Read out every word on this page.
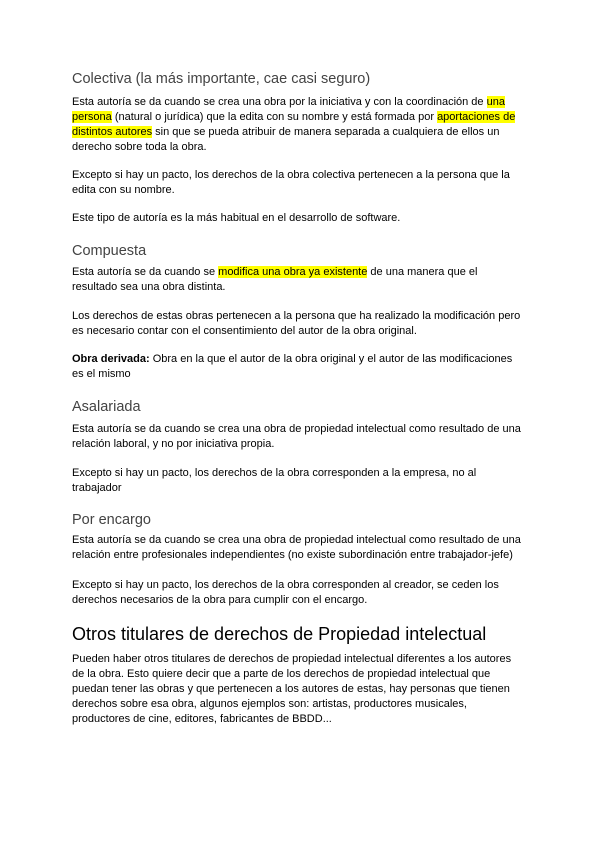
Colectiva (la más importante, cae casi seguro)

Esta autoría se da cuando se crea una obra por la iniciativa y con la coordinación de una
persona (natural o jurídica) que la edita con su nombre y está formada por aportaciones de
distintos autores sin que se pueda atribuir de manera separada a cualquiera de ellos un
derecho sobre toda la obra.

Excepto si hay un pacto, los derechos de la obra colectiva pertenecen a la persona que la
edita con su nombre.

Este tipo de autoría es la más habitual en el desarrollo de software.

Compuesta

Esta autoría se da cuando se modifica una obra ya existente de una manera que el
resultado sea una obra distinta.

Los derechos de estas obras pertenecen a la persona que ha realizado la modificación pero
es necesario contar con el consentimiento del autor de la obra original.

Obra derivada: Obra en la que el autor de la obra original y el autor de las modificaciones
es el mismo

Asalariada

Esta autoría se da cuando se crea una obra de propiedad intelectual como resultado de una
relación laboral, y no por iniciativa propia.

Excepto si hay un pacto, los derechos de la obra corresponden a la empresa, no al
trabajador

Por encargo

Esta autoría se da cuando se crea una obra de propiedad intelectual como resultado de una
relación entre profesionales independientes (no existe subordinación entre trabajador-jefe)

Excepto si hay un pacto, los derechos de la obra corresponden al creador, se ceden los
derechos necesarios de la obra para cumplir con el encargo.

Otros titulares de derechos de Propiedad intelectual

Pueden haber otros titulares de derechos de propiedad intelectual diferentes a los autores
de la obra. Esto quiere decir que a parte de los derechos de propiedad intelectual que
puedan tener las obras y que pertenecen a los autores de estas, hay personas que tienen
derechos sobre esa obra, algunos ejemplos son: artistas, productores musicales,
productores de cine, editores, fabricantes de BBDD...
